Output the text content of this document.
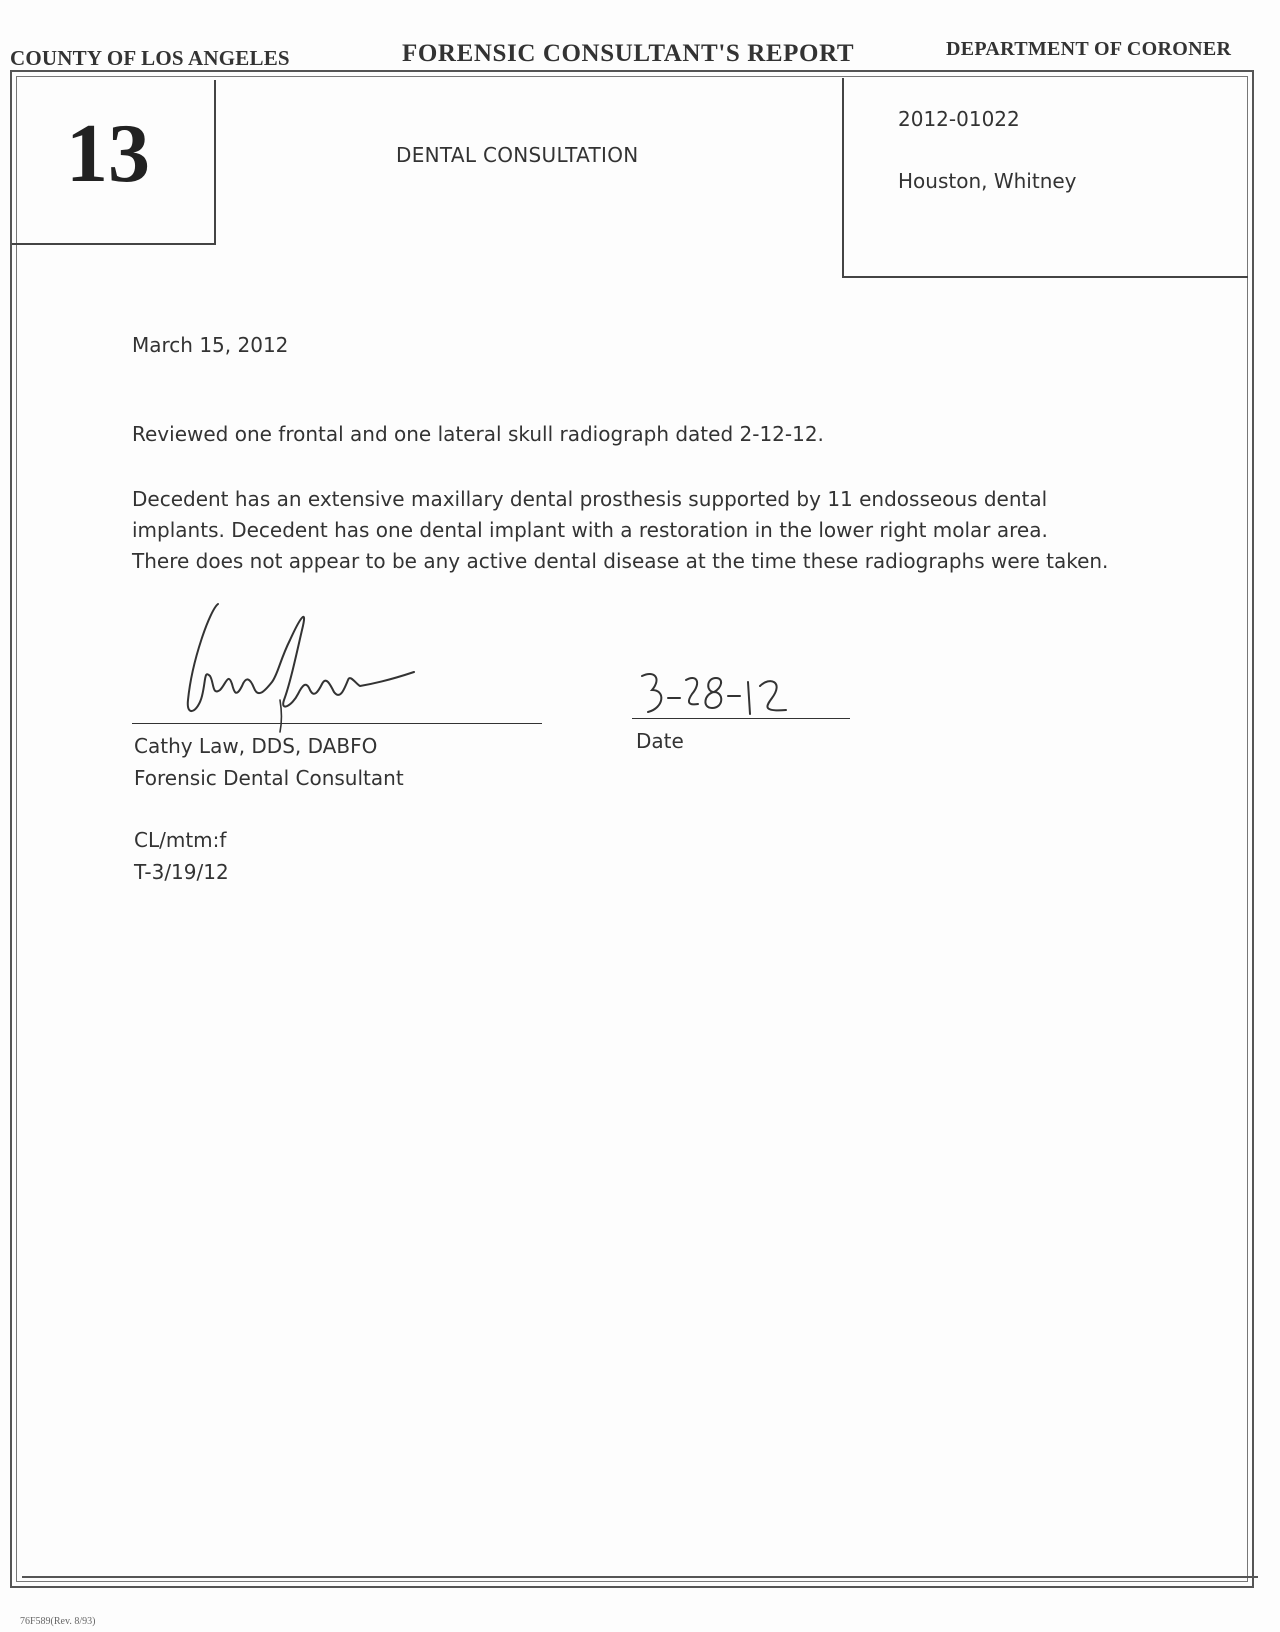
COUNTY OF LOS ANGELES	FORENSIC CONSULTANT'S REPORT	DEPARTMENT OF CORONER
13	DENTAL CONSULTATION
2012-01022
Houston, Whitney
March 15, 2012
Reviewed one frontal and one lateral skull radiograph dated 2-12-12.
Decedent has an extensive maxillary dental prosthesis supported by 11 endosseous dental
implants. Decedent has one dental implant with a restoration in the lower right molar area.
There does not appear to be any active dental disease at the time these radiographs were taken.
Cathy Law, DDS, DABFO
Forensic Dental Consultant
Date
CL/mtm:f
T-3/19/12
76F589(Rev. 8/93)
